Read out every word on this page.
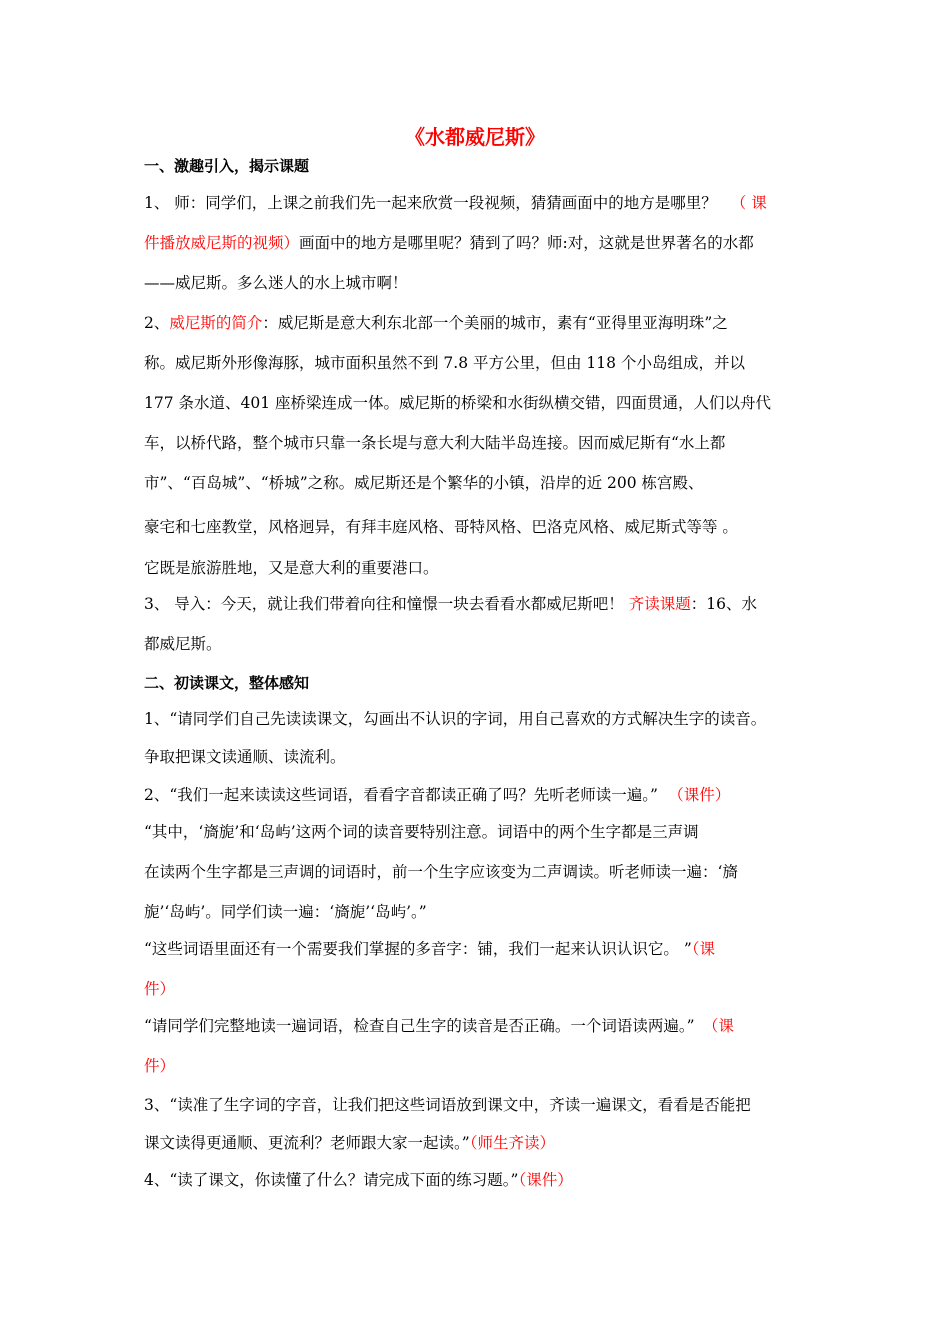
《水都威尼斯》
一、激趣引入，揭示课题
1、 师：同学们，上课之前我们先一起来欣赏一段视频，猜猜画面中的地方是哪里？ （ 课
件播放威尼斯的视频）画面中的地方是哪里呢？猜到了吗？师:对，这就是世界著名的水都
——威尼斯。多么迷人的水上城市啊！
2、威尼斯的简介：威尼斯是意大利东北部一个美丽的城市，素有“亚得里亚海明珠”之
称。威尼斯外形像海豚，城市面积虽然不到 7.8 平方公里，但由 118 个小岛组成，并以
177 条水道、401 座桥梁连成一体。威尼斯的桥梁和水街纵横交错，四面贯通，人们以舟代
车，以桥代路，整个城市只靠一条长堤与意大利大陆半岛连接。因而威尼斯有“水上都
市”、“百岛城”、“桥城”之称。威尼斯还是个繁华的小镇，沿岸的近 200 栋宫殿、
豪宅和七座教堂，风格迥异，有拜丰庭风格、哥特风格、巴洛克风格、威尼斯式等等 。
它既是旅游胜地，又是意大利的重要港口。
3、 导入：今天，就让我们带着向往和憧憬一块去看看水都威尼斯吧！ 齐读课题：16、水
都威尼斯。
二、初读课文，整体感知
1、“请同学们自己先读读课文，勾画出不认识的字词，用自己喜欢的方式解决生字的读音。
争取把课文读通顺、读流利。
2、“我们一起来读读这些词语，看看字音都读正确了吗？先听老师读一遍。” （课件）
“其中，‘旖旎’和‘岛屿’这两个词的读音要特别注意。词语中的两个生字都是三声调
在读两个生字都是三声调的词语时，前一个生字应该变为二声调读。听老师读一遍：‘旖
旎’‘岛屿’。同学们读一遍：‘旖旎’‘岛屿’。”
“这些词语里面还有一个需要我们掌握的多音字：铺，我们一起来认识认识它。 ”（课
件）
“请同学们完整地读一遍词语，检查自己生字的读音是否正确。一个词语读两遍。” （课
件）
3、“读准了生字词的字音，让我们把这些词语放到课文中，齐读一遍课文，看看是否能把
课文读得更通顺、更流利？老师跟大家一起读。”（师生齐读）
4、“读了课文，你读懂了什么？请完成下面的练习题。”（课件）
